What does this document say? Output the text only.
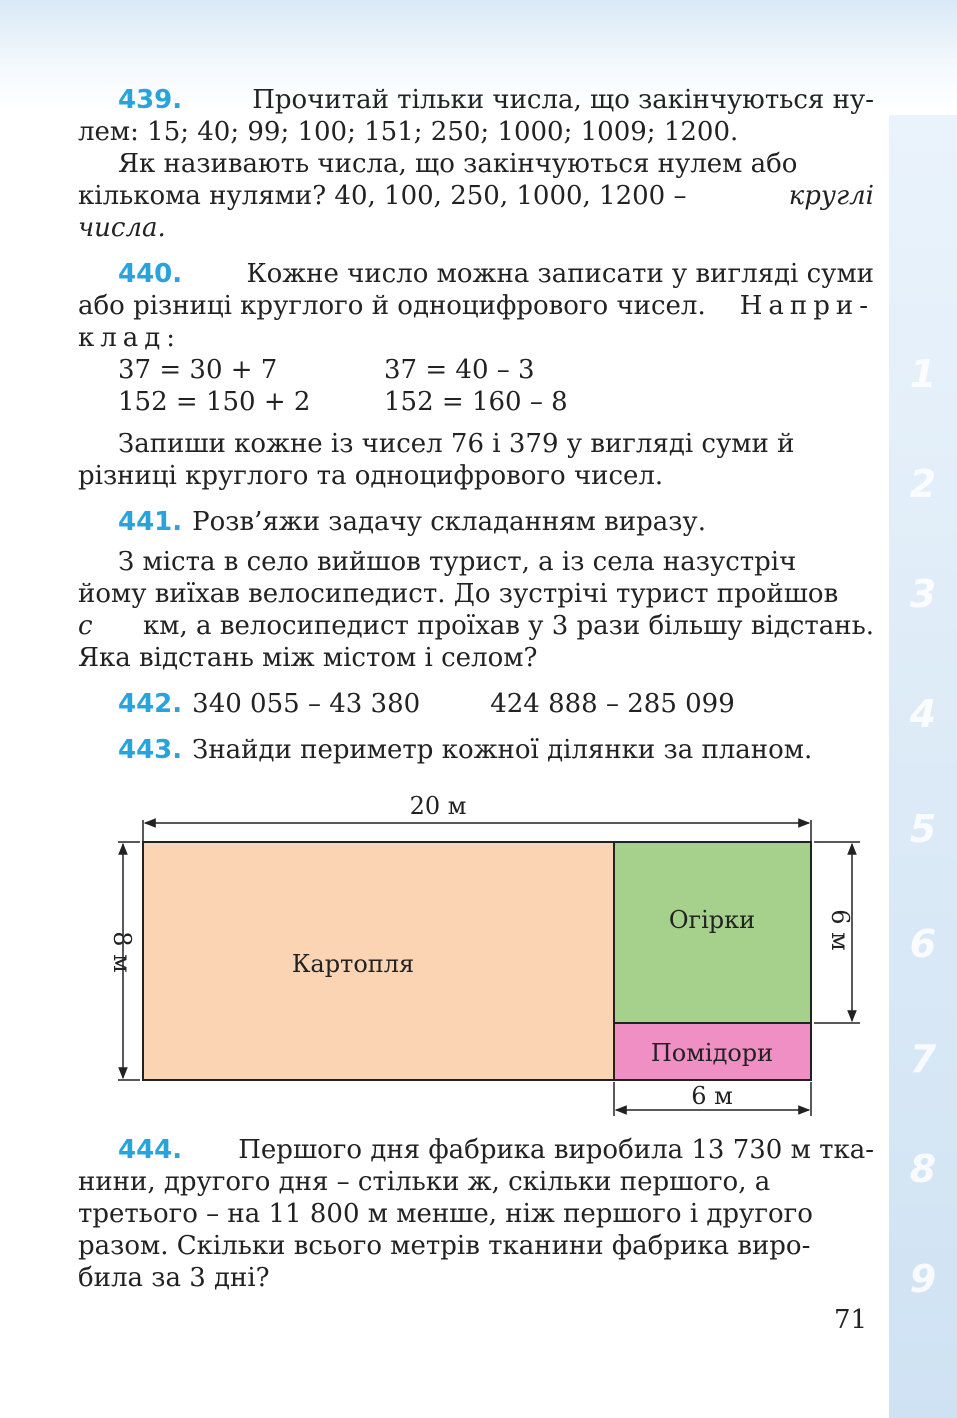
1
2
3
4
5
6
7
8
9
439.	Прочитай тільки числа, що закінчуються ну-
лем: 15; 40; 99; 100; 151; 250; 1000; 1009; 1200.
Як називають числа, що закінчуються нулем або
кількома нулями? 40, 100, 250, 1000, 1200 –	круглі
числа.
440. Кожне число можна записати у вигляді суми
або різниці круглого й одноцифрового чисел. Напри-
клад:
37 = 30 + 7	37 = 40 – 3
152 = 150 + 2	152 = 160 – 8
Запиши кожне із чисел 76 і 379 у вигляді суми й
різниці круглого та одноцифрового чисел.
441. Розв’яжи задачу складанням виразу.
З міста в село вийшов турист, а із села назустріч
йому виїхав велосипедист. До зустрічі турист пройшов
с км, а велосипедист проїхав у 3 рази більшу відстань.
Яка відстань між містом і селом?
442. 340 055 – 43 380	424 888 – 285 099
443. Знайди периметр кожної ділянки за планом.
20 м
8 м	Картопля
Огірки
Помідори
6 м
6 м
444. Першого дня фабрика виробила 13 730 м тка-
нини, другого дня – стільки ж, скільки першого, а
третього – на 11 800 м менше, ніж першого і другого
разом. Скільки всього метрів тканини фабрика виро-
била за 3 дні?
71
